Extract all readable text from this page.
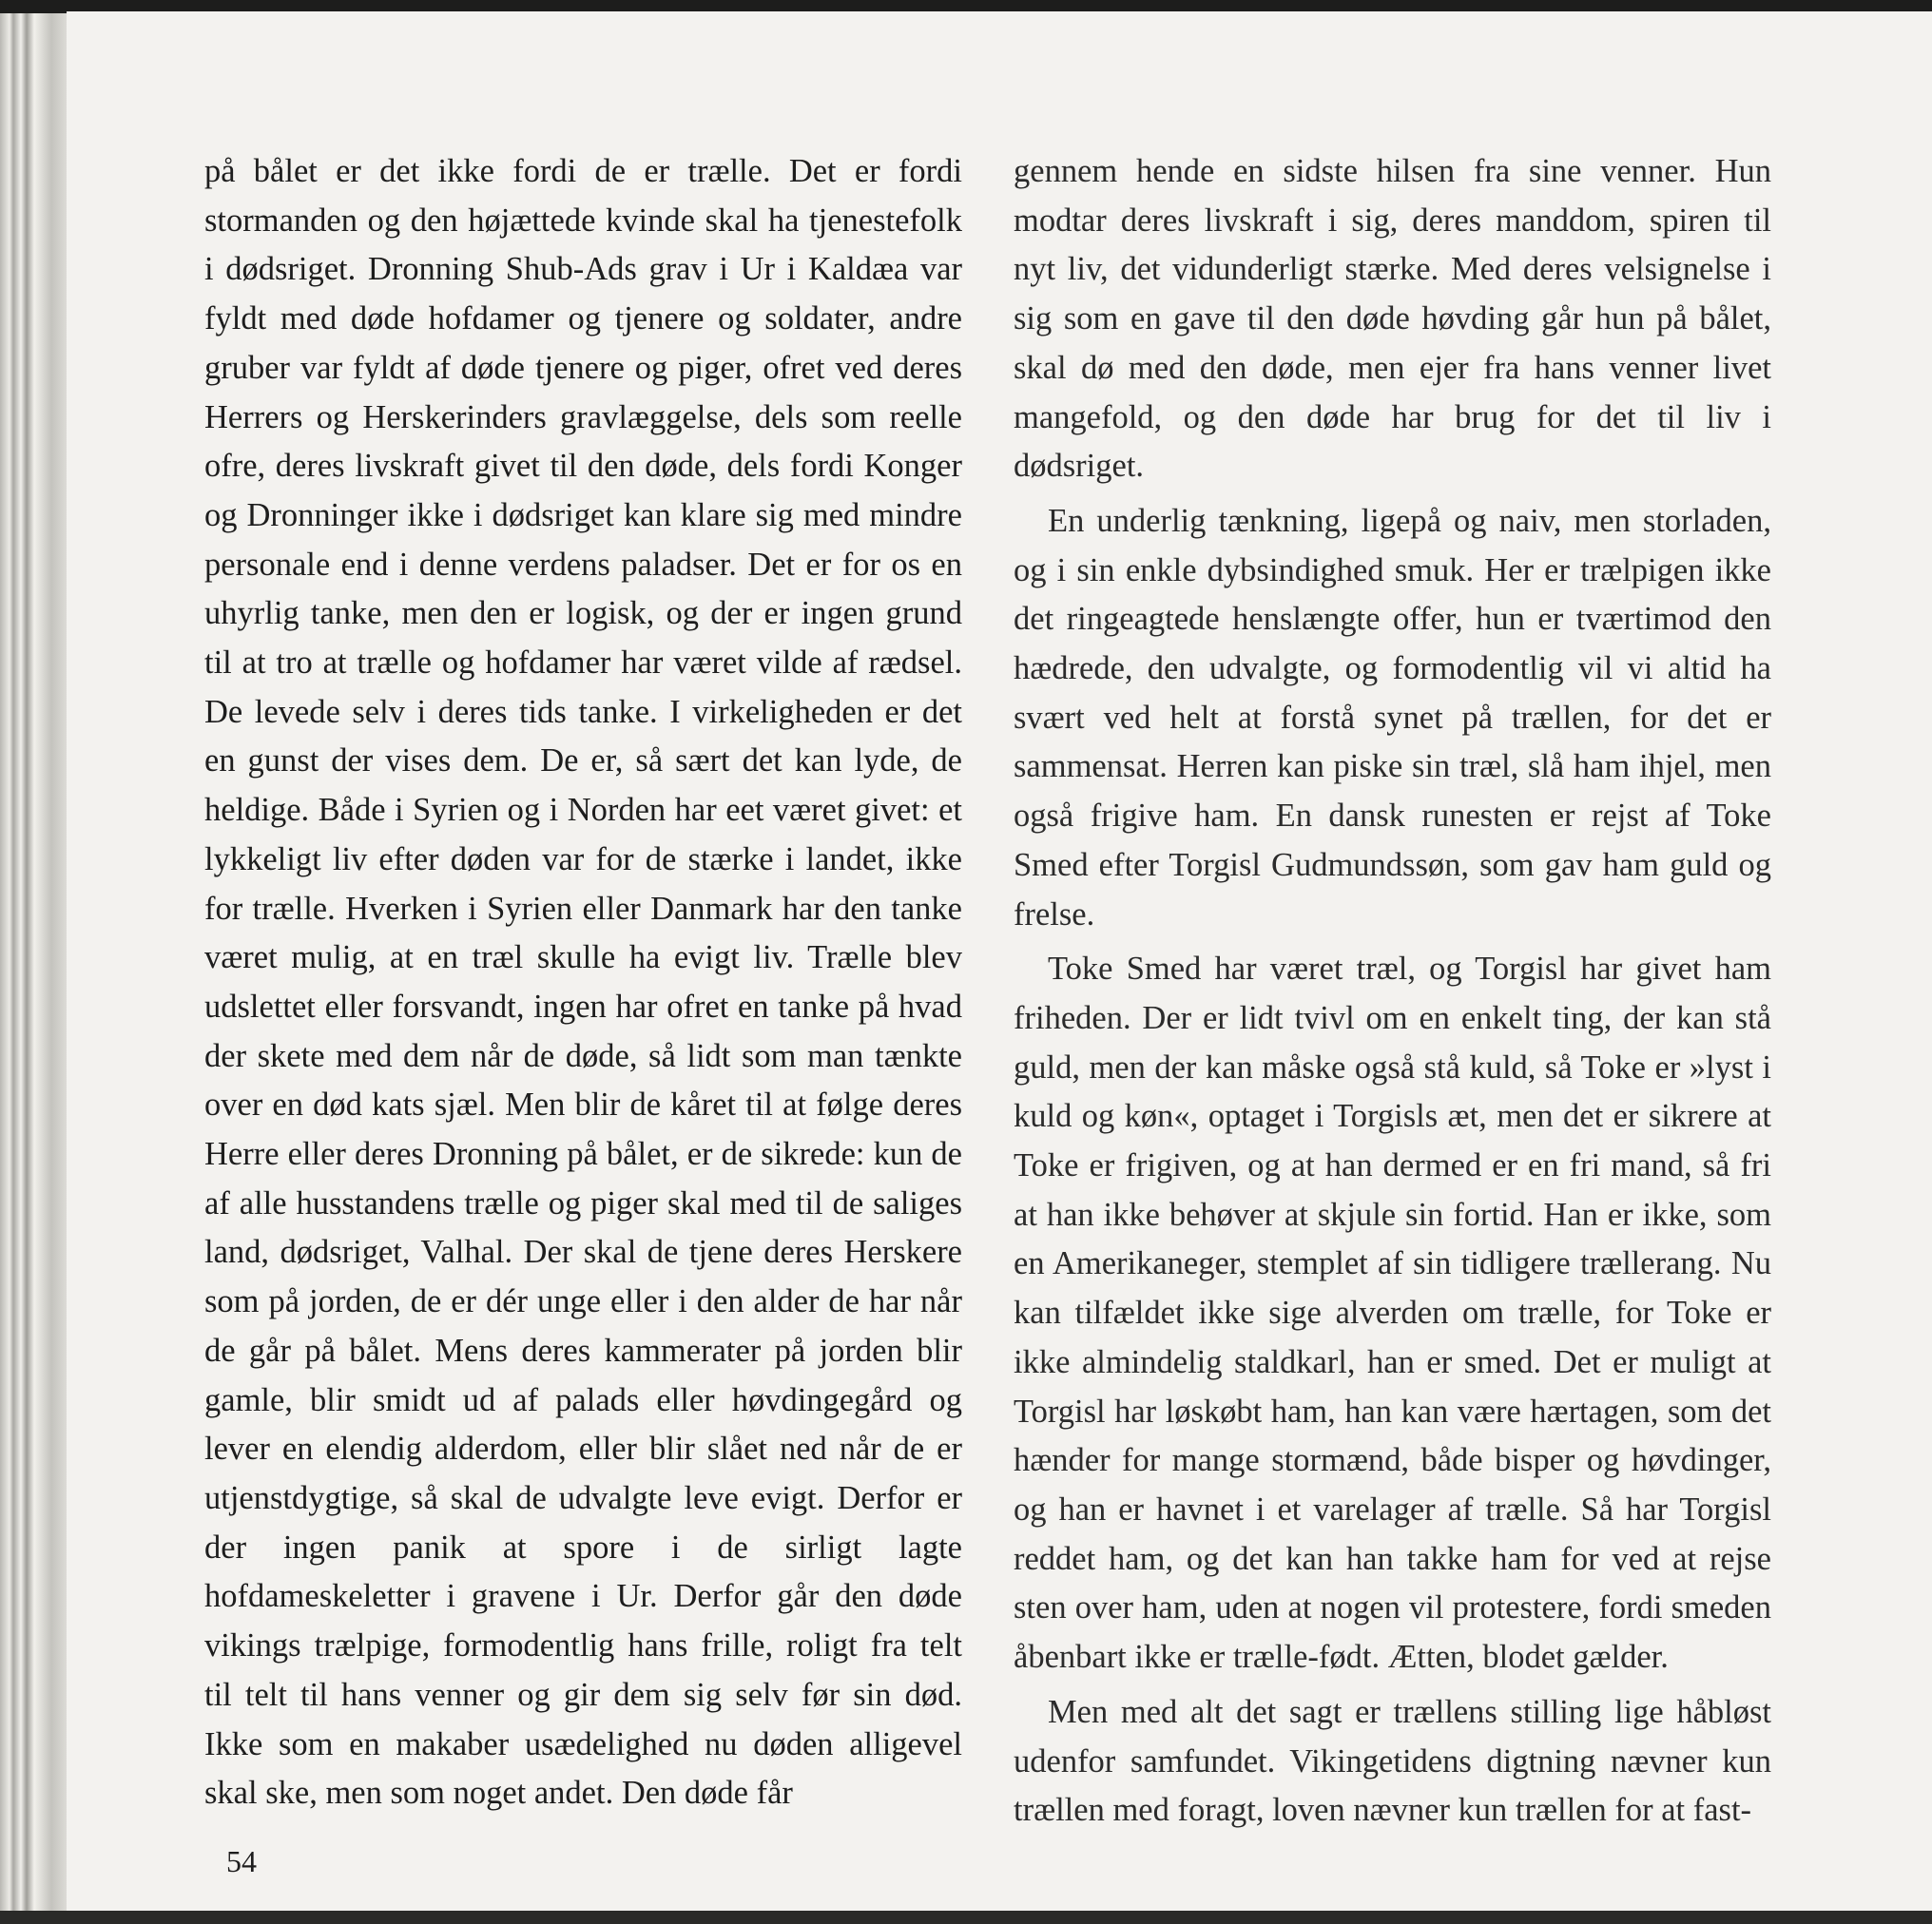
på bålet er det ikke fordi de er trælle. Det er fordi stormanden og den højættede kvinde skal ha tjenestefolk i dødsriget. Dronning Shub-Ads grav i Ur i Kaldæa var fyldt med døde hofdamer og tjenere og soldater, andre gruber var fyldt af døde tjenere og piger, ofret ved deres Herrers og Herskerinders gravlæggelse, dels som reelle ofre, deres livskraft givet til den døde, dels fordi Konger og Dronninger ikke i dødsriget kan klare sig med mindre personale end i denne verdens paladser. Det er for os en uhyrlig tanke, men den er logisk, og der er ingen grund til at tro at trælle og hofdamer har været vilde af rædsel. De levede selv i deres tids tanke. I virkeligheden er det en gunst der vises dem. De er, så sært det kan lyde, de heldige. Både i Syrien og i Norden har eet været givet: et lykkeligt liv efter døden var for de stærke i landet, ikke for trælle. Hverken i Syrien eller Danmark har den tanke været mulig, at en træl skulle ha evigt liv. Trælle blev udslettet eller forsvandt, ingen har ofret en tanke på hvad der skete med dem når de døde, så lidt som man tænkte over en død kats sjæl. Men blir de kåret til at følge deres Herre eller deres Dronning på bålet, er de sikrede: kun de af alle husstandens trælle og piger skal med til de saliges land, dødsriget, Valhal. Der skal de tjene deres Herskere som på jorden, de er dér unge eller i den alder de har når de går på bålet. Mens deres kammerater på jorden blir gamle, blir smidt ud af palads eller høvdingegård og lever en elendig alderdom, eller blir slået ned når de er utjenstdygtige, så skal de udvalgte leve evigt. Derfor er der ingen panik at spore i de sirligt lagte hofdameskeletter i gravene i Ur. Derfor går den døde vikings trælpige, formodentlig hans frille, roligt fra telt til telt til hans venner og gir dem sig selv før sin død. Ikke som en makaber usædelighed nu døden alligevel skal ske, men som noget andet. Den døde får

gennem hende en sidste hilsen fra sine venner. Hun modtar deres livskraft i sig, deres manddom, spiren til nyt liv, det vidunderligt stærke. Med deres velsignelse i sig som en gave til den døde høvding går hun på bålet, skal dø med den døde, men ejer fra hans venner livet mangefold, og den døde har brug for det til liv i dødsriget.

En underlig tænkning, ligepå og naiv, men storladen, og i sin enkle dybsindighed smuk. Her er trælpigen ikke det ringeagtede henslængte offer, hun er tværtimod den hædrede, den udvalgte, og formodentlig vil vi altid ha svært ved helt at forstå synet på trællen, for det er sammensat. Herren kan piske sin træl, slå ham ihjel, men også frigive ham. En dansk runesten er rejst af Toke Smed efter Torgisl Gudmundssøn, som gav ham guld og frelse.

Toke Smed har været træl, og Torgisl har givet ham friheden. Der er lidt tvivl om en enkelt ting, der kan stå guld, men der kan måske også stå kuld, så Toke er »lyst i kuld og køn«, optaget i Torgisls æt, men det er sikrere at Toke er frigiven, og at han dermed er en fri mand, så fri at han ikke behøver at skjule sin fortid. Han er ikke, som en Amerikaneger, stemplet af sin tidligere trællerang. Nu kan tilfældet ikke sige alverden om trælle, for Toke er ikke almindelig staldkarl, han er smed. Det er muligt at Torgisl har løskøbt ham, han kan være hærtagen, som det hænder for mange stormænd, både bisper og høvdinger, og han er havnet i et varelager af trælle. Så har Torgisl reddet ham, og det kan han takke ham for ved at rejse sten over ham, uden at nogen vil protestere, fordi smeden åbenbart ikke er trælle-født. Ætten, blodet gælder.

Men med alt det sagt er trællens stilling lige håbløst udenfor samfundet. Vikingetidens digtning nævner kun trællen med foragt, loven nævner kun trællen for at fast-

54
